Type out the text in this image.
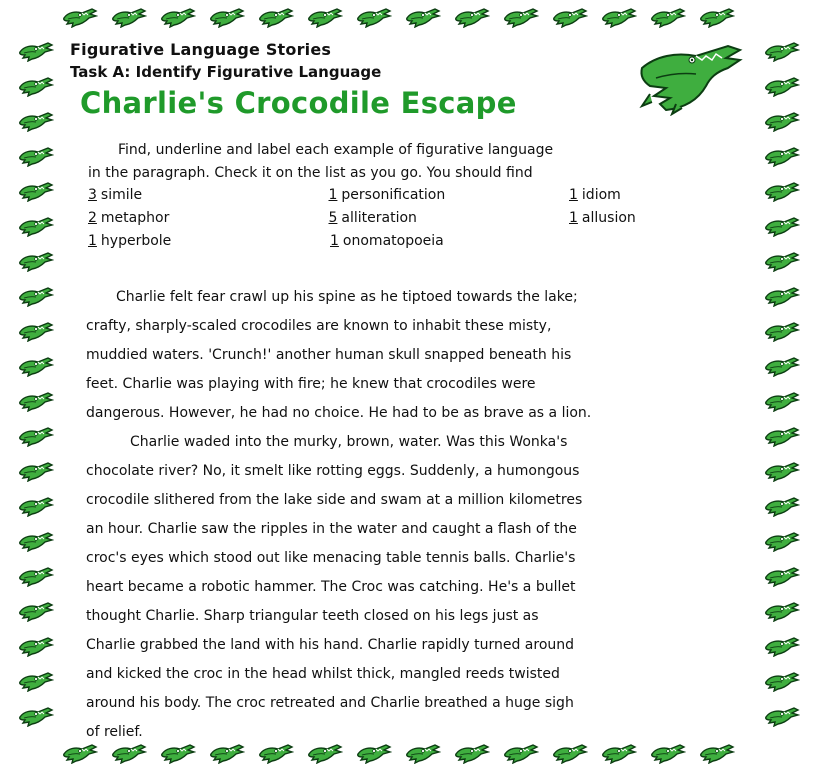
Figurative Language Stories
Task A: Identify Figurative Language
Charlie's Crocodile Escape

Find, underline and label each example of figurative language

in the paragraph. Check it on the list as you go. You should find

3 simile	1 personification	1 idiom
2 metaphor	5 alliteration	1 allusion
1 hyperbole	1 onomatopoeia

Charlie felt fear crawl up his spine as he tiptoed towards the lake;

crafty, sharply-scaled crocodiles are known to inhabit these misty,

muddied waters. 'Crunch!' another human skull snapped beneath his

feet. Charlie was playing with fire; he knew that crocodiles were

dangerous. However, he had no choice. He had to be as brave as a lion.

Charlie waded into the murky, brown, water. Was this Wonka's

chocolate river? No, it smelt like rotting eggs. Suddenly, a humongous

crocodile slithered from the lake side and swam at a million kilometres

an hour. Charlie saw the ripples in the water and caught a flash of the

croc's eyes which stood out like menacing table tennis balls. Charlie's

heart became a robotic hammer. The Croc was catching. He's a bullet

thought Charlie. Sharp triangular teeth closed on his legs just as

Charlie grabbed the land with his hand. Charlie rapidly turned around

and kicked the croc in the head whilst thick, mangled reeds twisted

around his body. The croc retreated and Charlie breathed a huge sigh

of relief.
